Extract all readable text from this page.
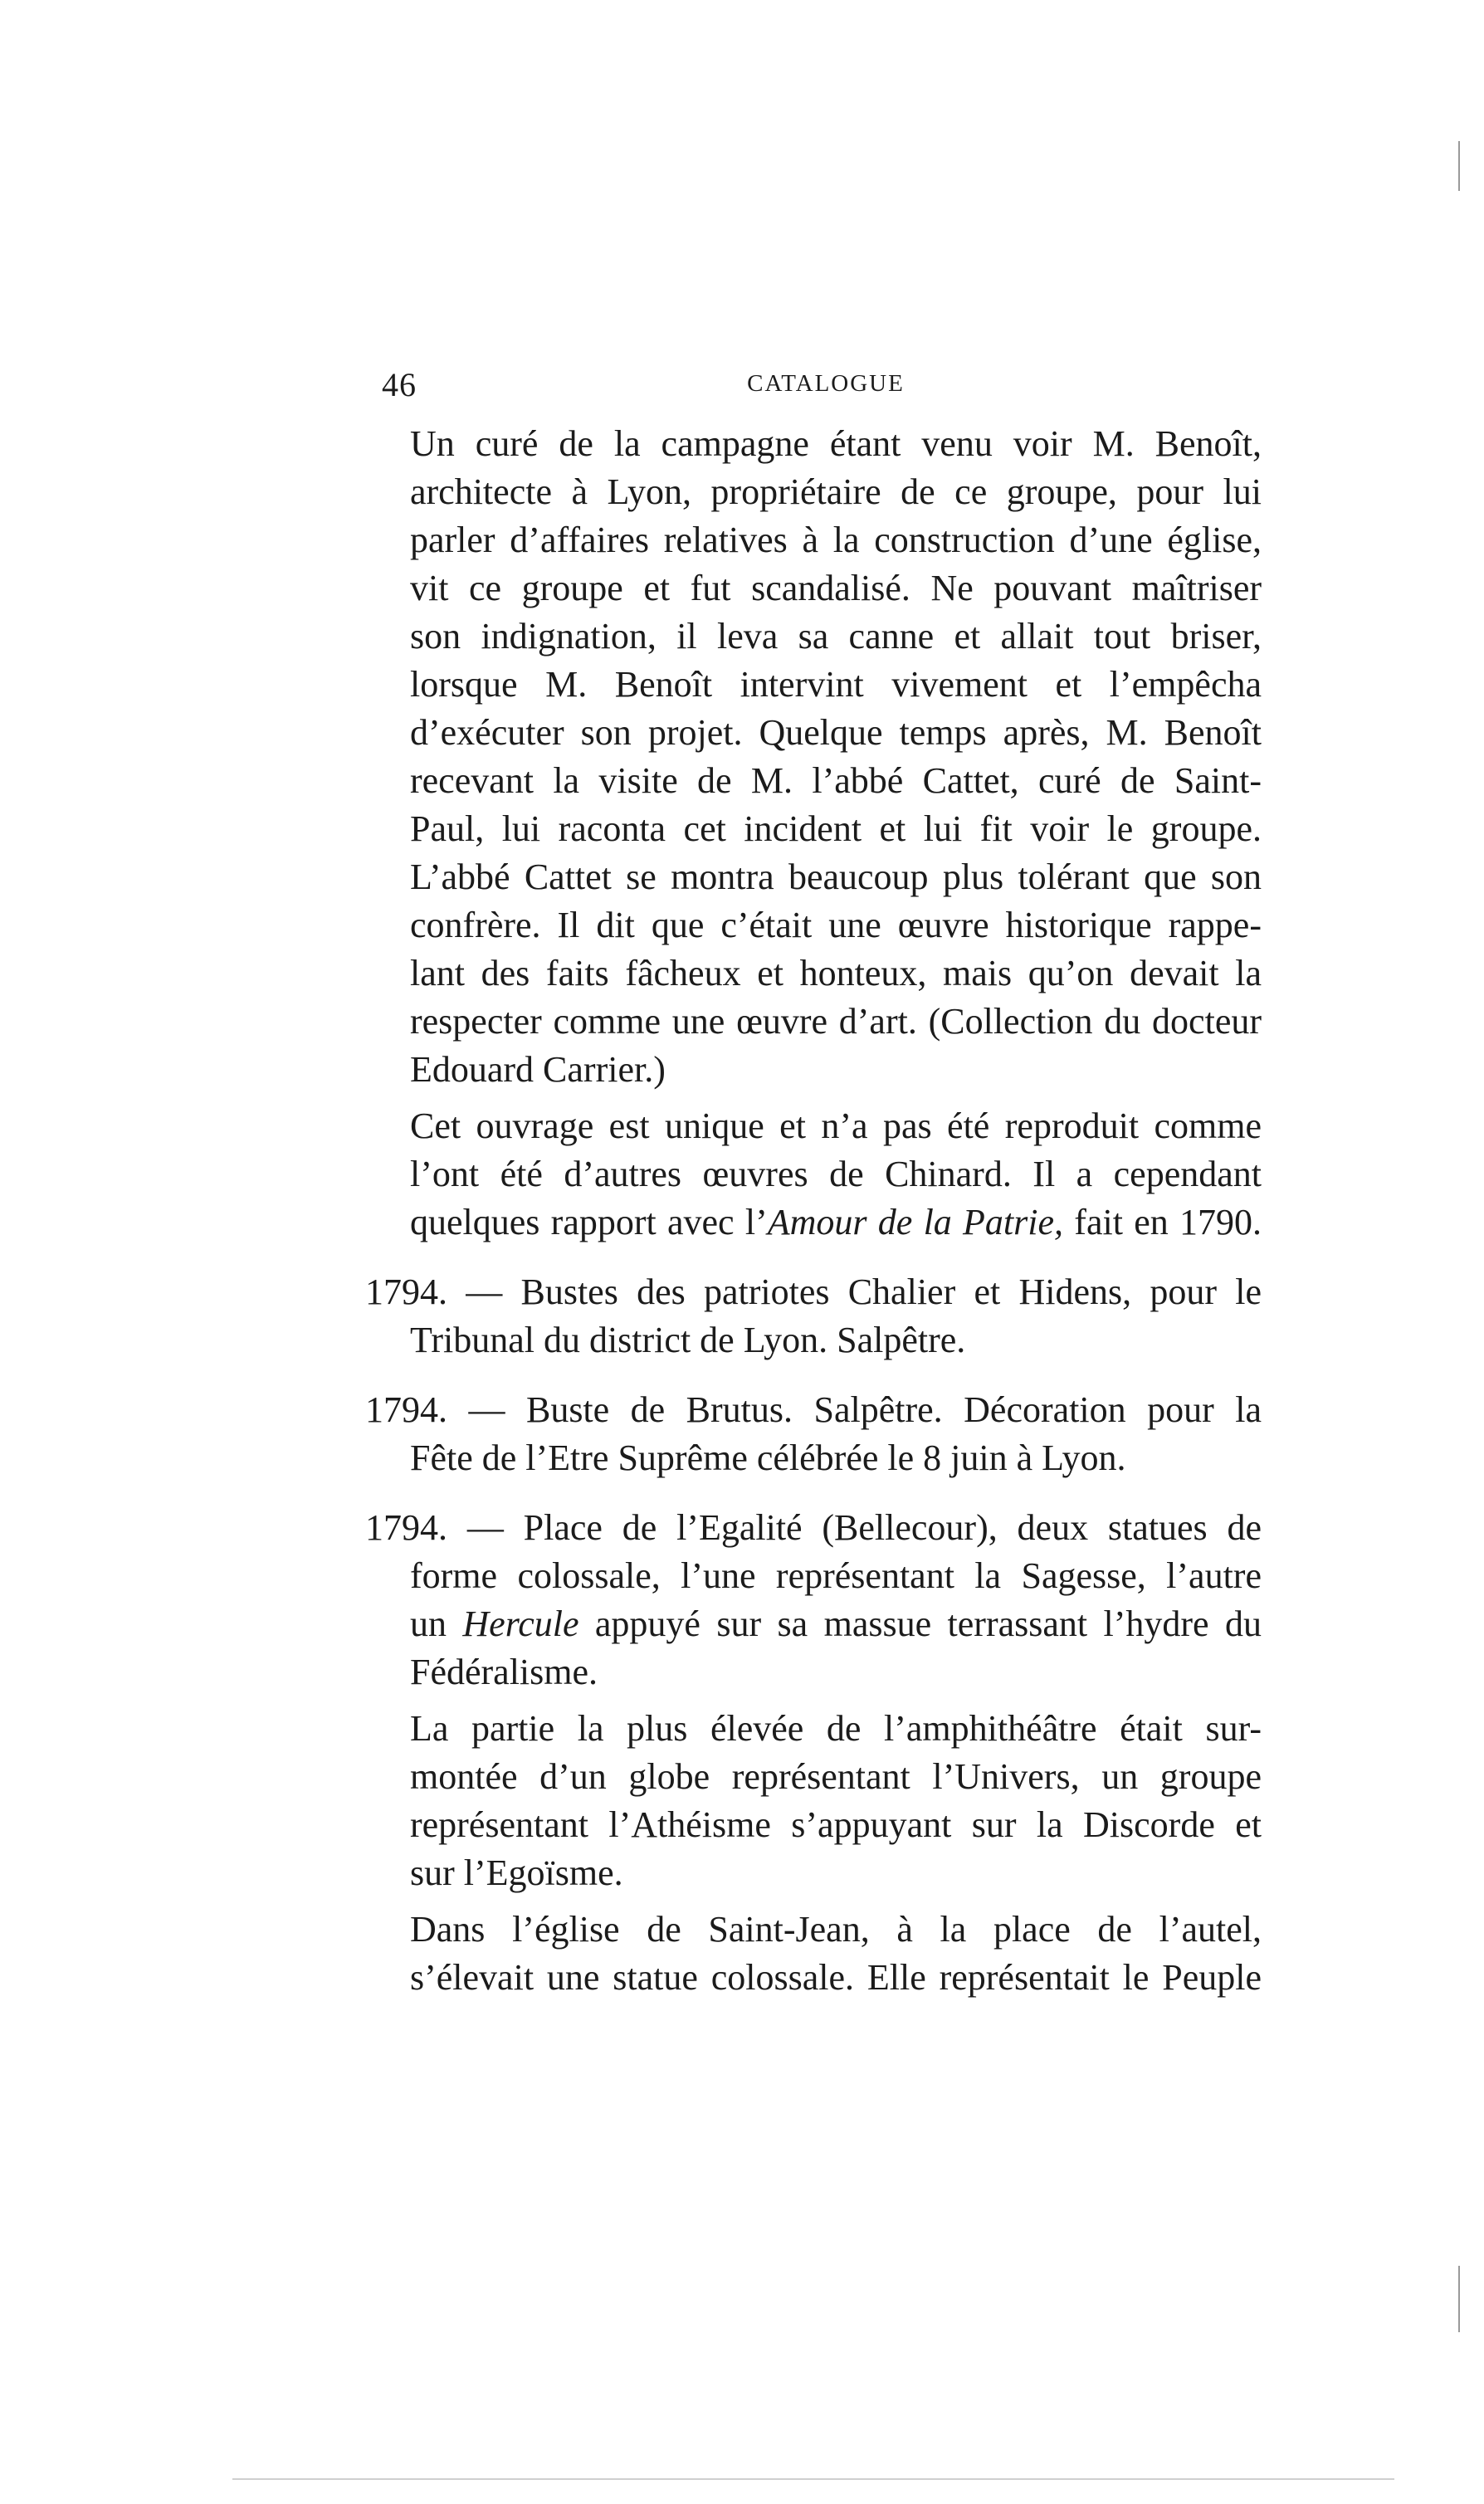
46	CATALOGUE
Un curé de la campagne étant venu voir M. Benoît,
architecte à Lyon, propriétaire de ce groupe, pour lui
parler d’affaires relatives à la construction d’une église,
vit ce groupe et fut scandalisé. Ne pouvant maîtriser
son indignation, il leva sa canne et allait tout briser,
lorsque M. Benoît intervint vivement et l’empêcha
d’exécuter son projet. Quelque temps après, M. Benoît
recevant la visite de M. l’abbé Cattet, curé de Saint-
Paul, lui raconta cet incident et lui fit voir le groupe.
L’abbé Cattet se montra beaucoup plus tolérant que son
confrère. Il dit que c’était une œuvre historique rappe-
lant des faits fâcheux et honteux, mais qu’on devait la
respecter comme une œuvre d’art. (Collection du docteur
Edouard Carrier.)
Cet ouvrage est unique et n’a pas été reproduit comme
l’ont été d’autres œuvres de Chinard. Il a cependant
quelques rapport avec l’Amour de la Patrie, fait en 1790.
1794. — Bustes des patriotes Chalier et Hidens, pour le
Tribunal du district de Lyon. Salpêtre.
1794. — Buste de Brutus. Salpêtre. Décoration pour la
Fête de l’Etre Suprême célébrée le 8 juin à Lyon.
1794. — Place de l’Egalité (Bellecour), deux statues de
forme colossale, l’une représentant la Sagesse, l’autre
un Hercule appuyé sur sa massue terrassant l’hydre du
Fédéralisme.
La partie la plus élevée de l’amphithéâtre était sur-
montée d’un globe représentant l’Univers, un groupe
représentant l’Athéisme s’appuyant sur la Discorde et
sur l’Egoïsme.
Dans l’église de Saint-Jean, à la place de l’autel,
s’élevait une statue colossale. Elle représentait le Peuple
